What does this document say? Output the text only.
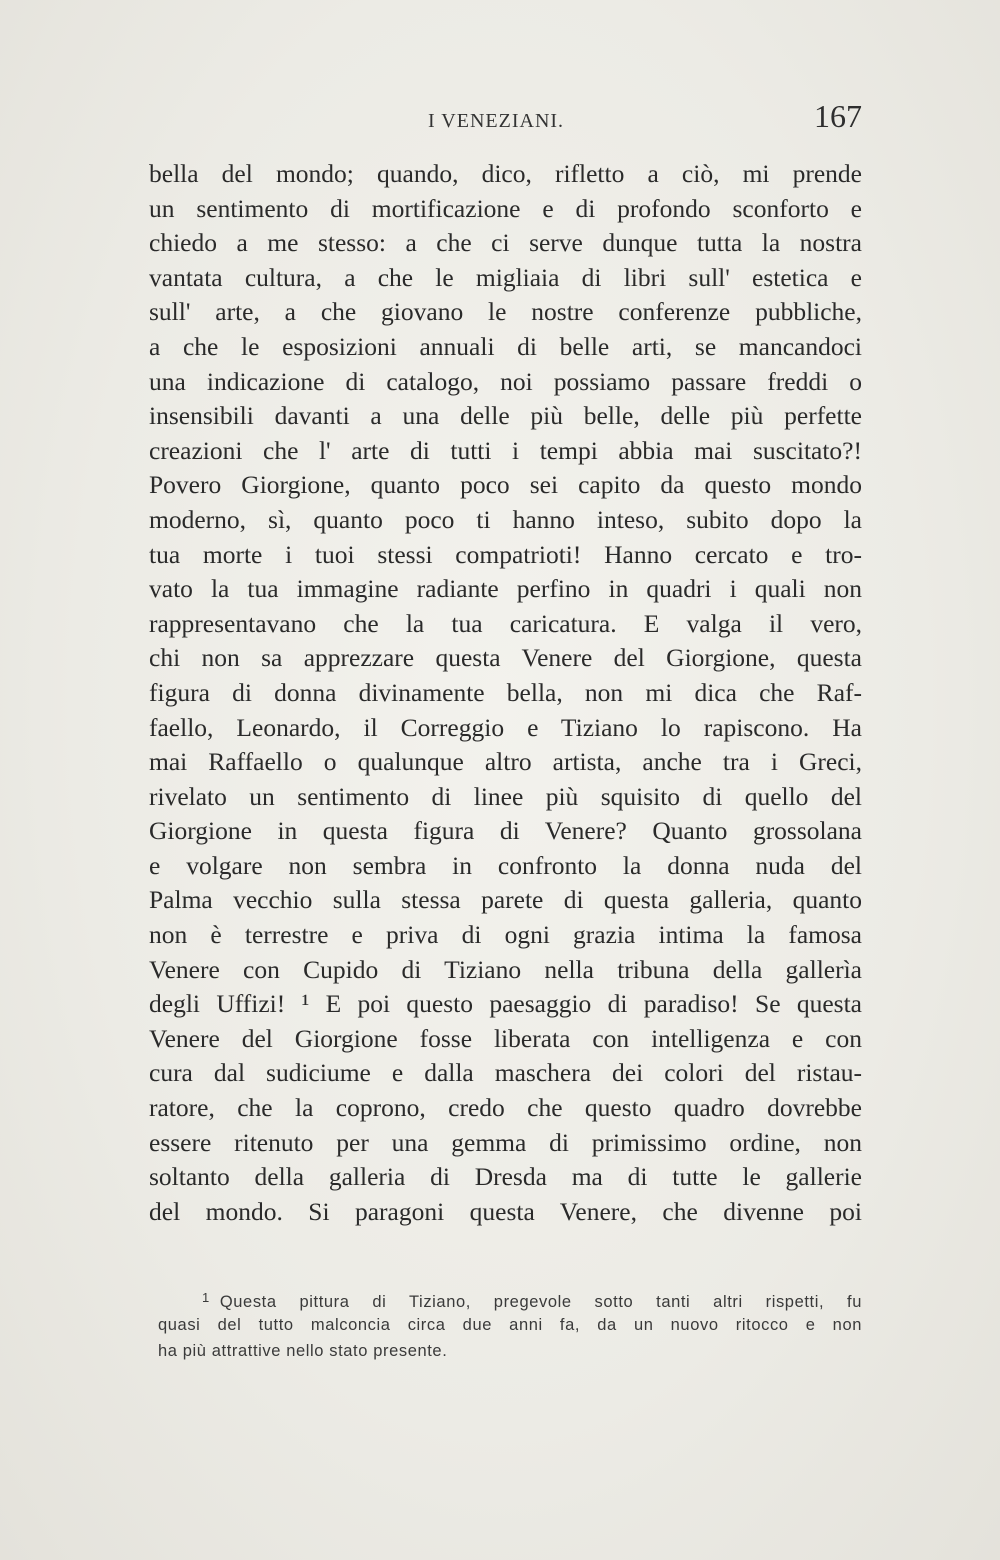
I VENEZIANI.	167
bella del mondo; quando, dico, rifletto a ciò, mi prende
un sentimento di mortificazione e di profondo sconforto e
chiedo a me stesso: a che ci serve dunque tutta la nostra
vantata cultura, a che le migliaia di libri sull' estetica e
sull' arte, a che giovano le nostre conferenze pubbliche,
a che le esposizioni annuali di belle arti, se mancandoci
una indicazione di catalogo, noi possiamo passare freddi o
insensibili davanti a una delle più belle, delle più perfette
creazioni che l' arte di tutti i tempi abbia mai suscitato?!
Povero Giorgione, quanto poco sei capito da questo mondo
moderno, sì, quanto poco ti hanno inteso, subito dopo la
tua morte i tuoi stessi compatrioti! Hanno cercato e tro-
vato la tua immagine radiante perfino in quadri i quali non
rappresentavano che la tua caricatura. E valga il vero,
chi non sa apprezzare questa Venere del Giorgione, questa
figura di donna divinamente bella, non mi dica che Raf-
faello, Leonardo, il Correggio e Tiziano lo rapiscono. Ha
mai Raffaello o qualunque altro artista, anche tra i Greci,
rivelato un sentimento di linee più squisito di quello del
Giorgione in questa figura di Venere? Quanto grossolana
e volgare non sembra in confronto la donna nuda del
Palma vecchio sulla stessa parete di questa galleria, quanto
non è terrestre e priva di ogni grazia intima la famosa
Venere con Cupido di Tiziano nella tribuna della gallerìa
degli Uffizi! ¹ E poi questo paesaggio di paradiso! Se questa
Venere del Giorgione fosse liberata con intelligenza e con
cura dal sudiciume e dalla maschera dei colori del ristau-
ratore, che la coprono, credo che questo quadro dovrebbe
essere ritenuto per una gemma di primissimo ordine, non
soltanto della galleria di Dresda ma di tutte le gallerie
del mondo. Si paragoni questa Venere, che divenne poi
$^1$ Questa pittura di Tiziano, pregevole sotto tanti altri rispetti, fu
quasi del tutto malconcia circa due anni fa, da un nuovo ritocco e non
ha più attrattive nello stato presente.
